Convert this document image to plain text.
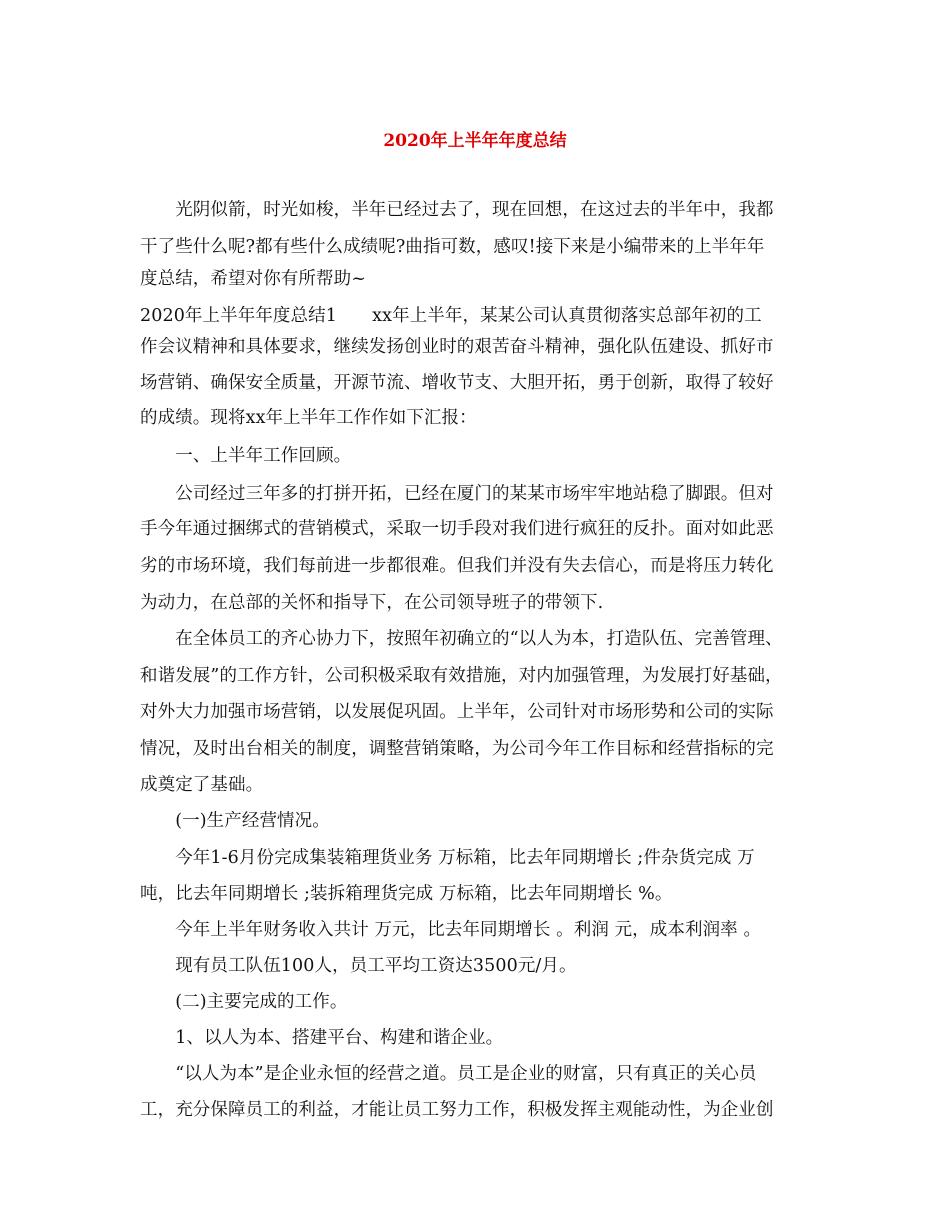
2020年上半年年度总结
　　光阴似箭，时光如梭，半年已经过去了，现在回想，在这过去的半年中，我都
干了些什么呢?都有些什么成绩呢?曲指可数，感叹!接下来是小编带来的上半年年
度总结，希望对你有所帮助~
2020年上半年年度总结1　　xx年上半年，某某公司认真贯彻落实总部年初的工
作会议精神和具体要求，继续发扬创业时的艰苦奋斗精神，强化队伍建设、抓好市
场营销、确保安全质量，开源节流、增收节支、大胆开拓，勇于创新，取得了较好
的成绩。现将xx年上半年工作作如下汇报：
　　一、上半年工作回顾。
　　公司经过三年多的打拼开拓，已经在厦门的某某市场牢牢地站稳了脚跟。但对
手今年通过捆绑式的营销模式，采取一切手段对我们进行疯狂的反扑。面对如此恶
劣的市场环境，我们每前进一步都很难。但我们并没有失去信心，而是将压力转化
为动力，在总部的关怀和指导下，在公司领导班子的带领下.
　　在全体员工的齐心协力下，按照年初确立的“以人为本，打造队伍、完善管理、
和谐发展”的工作方针，公司积极采取有效措施，对内加强管理，为发展打好基础，
对外大力加强市场营销，以发展促巩固。上半年，公司针对市场形势和公司的实际
情况，及时出台相关的制度，调整营销策略，为公司今年工作目标和经营指标的完
成奠定了基础。
　　(一)生产经营情况。
　　今年1-6月份完成集装箱理货业务 万标箱，比去年同期增长 ;件杂货完成 万
吨，比去年同期增长 ;装拆箱理货完成 万标箱，比去年同期增长 %。
　　今年上半年财务收入共计 万元，比去年同期增长 。利润 元，成本利润率 。
　　现有员工队伍100人，员工平均工资达3500元/月。
　　(二)主要完成的工作。
　　1、以人为本、搭建平台、构建和谐企业。
　　“以人为本”是企业永恒的经营之道。员工是企业的财富，只有真正的关心员
工，充分保障员工的利益，才能让员工努力工作，积极发挥主观能动性，为企业创
